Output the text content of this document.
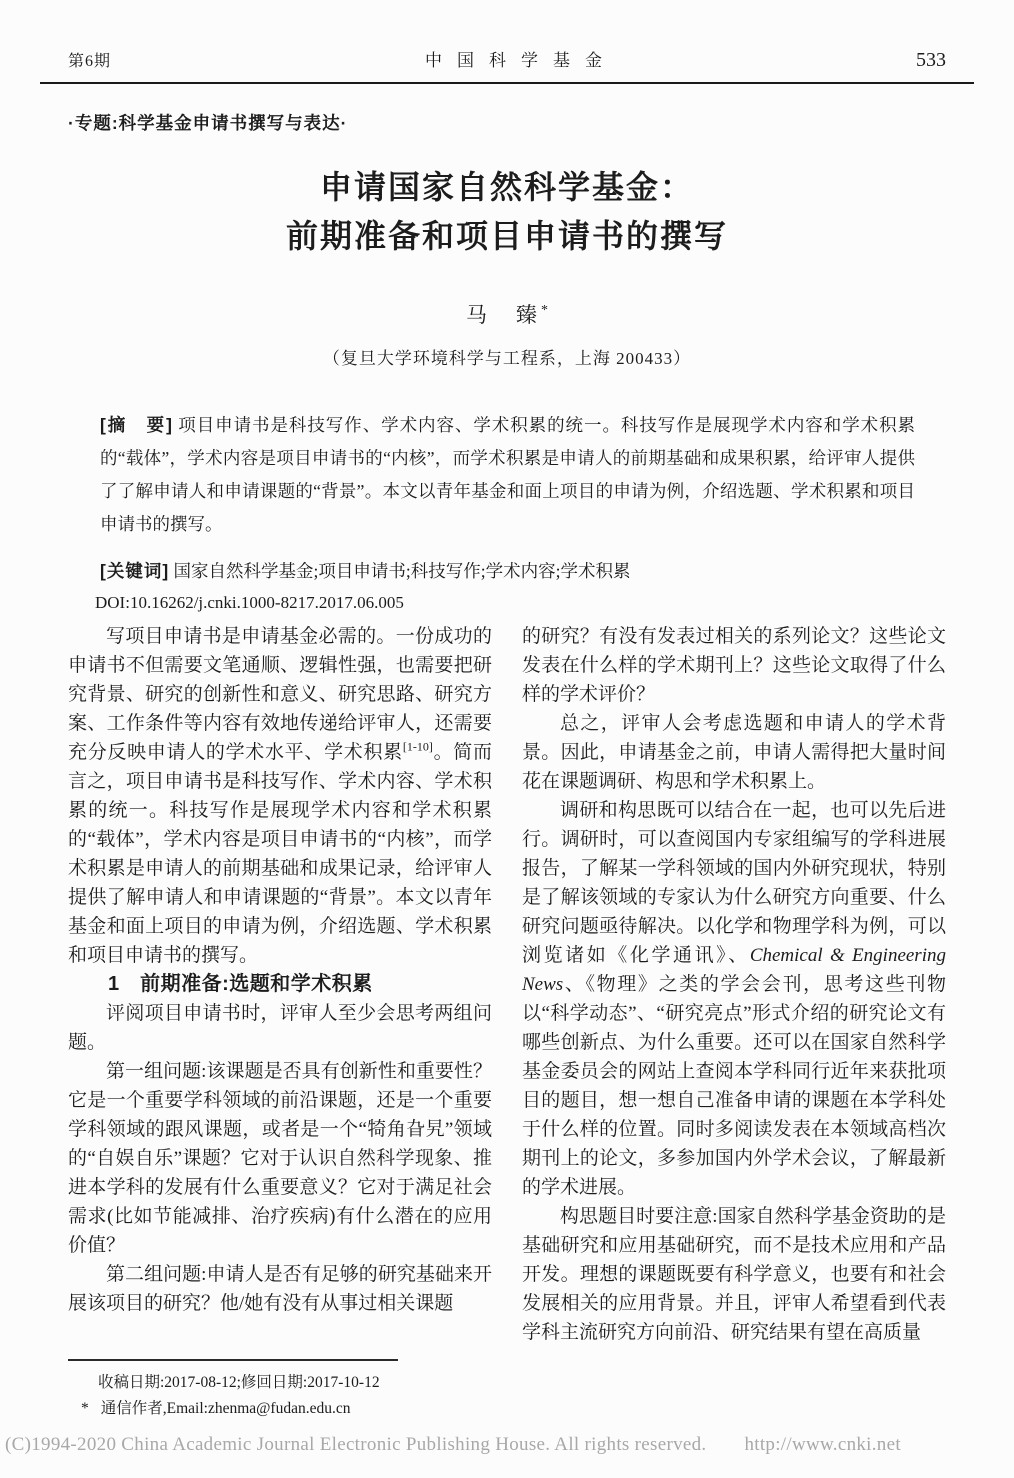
第6期	中国科学基金	533
·专题:科学基金申请书撰写与表达·
申请国家自然科学基金：
前期准备和项目申请书的撰写
马　臻*
（复旦大学环境科学与工程系，上海 200433）
[摘　要] 项目申请书是科技写作、学术内容、学术积累的统一。科技写作是展现学术内容和学术积累的“载体”，学术内容是项目申请书的“内核”，而学术积累是申请人的前期基础和成果积累，给评审人提供了了解申请人和申请课题的“背景”。本文以青年基金和面上项目的申请为例，介绍选题、学术积累和项目申请书的撰写。
[关键词] 国家自然科学基金;项目申请书;科技写作;学术内容;学术积累
DOI:10.16262/j.cnki.1000-8217.2017.06.005

写项目申请书是申请基金必需的。一份成功的申请书不但需要文笔通顺、逻辑性强，也需要把研究背景、研究的创新性和意义、研究思路、研究方案、工作条件等内容有效地传递给评审人，还需要充分反映申请人的学术水平、学术积累[1-10]。简而言之，项目申请书是科技写作、学术内容、学术积累的统一。科技写作是展现学术内容和学术积累的“载体”，学术内容是项目申请书的“内核”，而学术积累是申请人的前期基础和成果记录，给评审人提供了解申请人和申请课题的“背景”。本文以青年基金和面上项目的申请为例，介绍选题、学术积累和项目申请书的撰写。

1　前期准备:选题和学术积累

评阅项目申请书时，评审人至少会思考两组问题。

第一组问题:该课题是否具有创新性和重要性？它是一个重要学科领域的前沿课题，还是一个重要学科领域的跟风课题，或者是一个“犄角旮旯”领域的“自娱自乐”课题？它对于认识自然科学现象、推进本学科的发展有什么重要意义？它对于满足社会需求(比如节能减排、治疗疾病)有什么潜在的应用价值？

第二组问题:申请人是否有足够的研究基础来开展该项目的研究？他/她有没有从事过相关课题

的研究？有没有发表过相关的系列论文？这些论文发表在什么样的学术期刊上？这些论文取得了什么样的学术评价？

总之，评审人会考虑选题和申请人的学术背景。因此，申请基金之前，申请人需得把大量时间花在课题调研、构思和学术积累上。

调研和构思既可以结合在一起，也可以先后进行。调研时，可以查阅国内专家组编写的学科进展报告，了解某一学科领域的国内外研究现状，特别是了解该领域的专家认为什么研究方向重要、什么研究问题亟待解决。以化学和物理学科为例，可以浏览诸如《化学通讯》、Chemical & Engineering News、《物理》之类的学会会刊，思考这些刊物以“科学动态”、“研究亮点”形式介绍的研究论文有哪些创新点、为什么重要。还可以在国家自然科学基金委员会的网站上查阅本学科同行近年来获批项目的题目，想一想自己准备申请的课题在本学科处于什么样的位置。同时多阅读发表在本领域高档次期刊上的论文，多参加国内外学术会议，了解最新的学术进展。

构思题目时要注意:国家自然科学基金资助的是基础研究和应用基础研究，而不是技术应用和产品开发。理想的课题既要有科学意义，也要有和社会发展相关的应用背景。并且，评审人希望看到代表学科主流研究方向前沿、研究结果有望在高质量

收稿日期:2017-08-12;修回日期:2017-10-12
* 通信作者,Email:zhenma@fudan.edu.cn
(C)1994-2020 China Academic Journal Electronic Publishing House. All rights reserved. http://www.cnki.net
